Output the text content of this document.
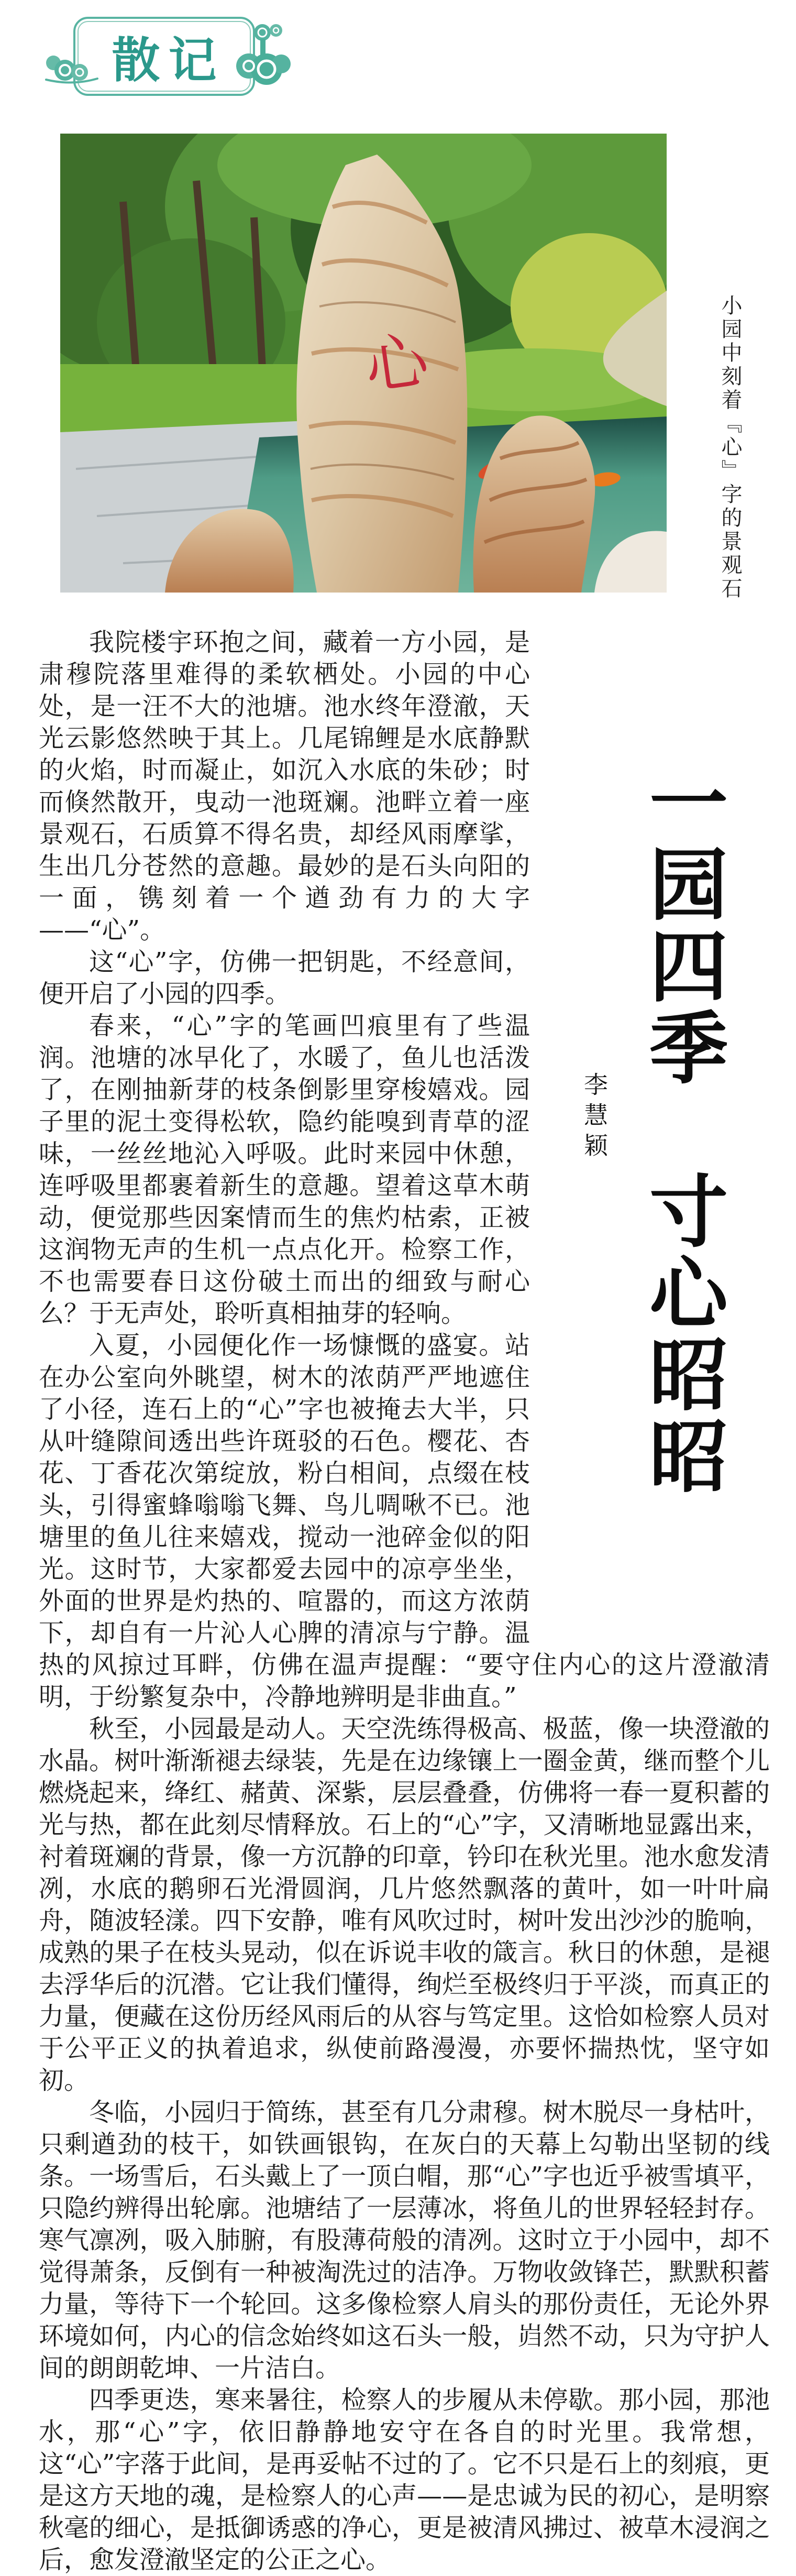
散记
心	小园中刻着『心』字的景观石
一园四季　寸心昭昭
李慧颖

我院楼宇环抱之间，藏着一方小园，是肃穆院落里难得的柔软栖处。小园的中心处，是一汪不大的池塘。池水终年澄澈，天光云影悠然映于其上。几尾锦鲤是水底静默的火焰，时而凝止，如沉入水底的朱砂；时而倏然散开，曳动一池斑斓。池畔立着一座景观石，石质算不得名贵，却经风雨摩挲，生出几分苍然的意趣。最妙的是石头向阳的一面，镌刻着一个遒劲有力的大字——“心”。

这“心”字，仿佛一把钥匙，不经意间，便开启了小园的四季。

春来，“心”字的笔画凹痕里有了些温润。池塘的冰早化了，水暖了，鱼儿也活泼了，在刚抽新芽的枝条倒影里穿梭嬉戏。园子里的泥土变得松软，隐约能嗅到青草的涩味，一丝丝地沁入呼吸。此时来园中休憩，连呼吸里都裹着新生的意趣。望着这草木萌动，便觉那些因案情而生的焦灼枯索，正被这润物无声的生机一点点化开。检察工作，不也需要春日这份破土而出的细致与耐心么？于无声处，聆听真相抽芽的轻响。

入夏，小园便化作一场慷慨的盛宴。站在办公室向外眺望，树木的浓荫严严地遮住了小径，连石上的“心”字也被掩去大半，只从叶缝隙间透出些许斑驳的石色。樱花、杏花、丁香花次第绽放，粉白相间，点缀在枝头，引得蜜蜂嗡嗡飞舞、鸟儿啁啾不已。池塘里的鱼儿往来嬉戏，搅动一池碎金似的阳光。这时节，大家都爱去园中的凉亭坐坐，外面的世界是灼热的、喧嚣的，而这方浓荫下，却自有一片沁人心脾的清凉与宁静。温热的风掠过耳畔，仿佛在温声提醒：“要守住内心的这片澄澈清明，于纷繁复杂中，冷静地辨明是非曲直。”

秋至，小园最是动人。天空洗练得极高、极蓝，像一块澄澈的水晶。树叶渐渐褪去绿装，先是在边缘镶上一圈金黄，继而整个儿燃烧起来，绛红、赭黄、深紫，层层叠叠，仿佛将一春一夏积蓄的光与热，都在此刻尽情释放。石上的“心”字，又清晰地显露出来，衬着斑斓的背景，像一方沉静的印章，钤印在秋光里。池水愈发清冽，水底的鹅卵石光滑圆润，几片悠然飘落的黄叶，如一叶叶扁舟，随波轻漾。四下安静，唯有风吹过时，树叶发出沙沙的脆响，成熟的果子在枝头晃动，似在诉说丰收的箴言。秋日的休憩，是褪去浮华后的沉潜。它让我们懂得，绚烂至极终归于平淡，而真正的力量，便藏在这份历经风雨后的从容与笃定里。这恰如检察人员对于公平正义的执着追求，纵使前路漫漫，亦要怀揣热忱，坚守如初。

冬临，小园归于简练，甚至有几分肃穆。树木脱尽一身枯叶，只剩遒劲的枝干，如铁画银钩，在灰白的天幕上勾勒出坚韧的线条。一场雪后，石头戴上了一顶白帽，那“心”字也近乎被雪填平，只隐约辨得出轮廓。池塘结了一层薄冰，将鱼儿的世界轻轻封存。寒气凛冽，吸入肺腑，有股薄荷般的清冽。这时立于小园中，却不觉得萧条，反倒有一种被淘洗过的洁净。万物收敛锋芒，默默积蓄力量，等待下一个轮回。这多像检察人肩头的那份责任，无论外界环境如何，内心的信念始终如这石头一般，岿然不动，只为守护人间的朗朗乾坤、一片洁白。

四季更迭，寒来暑往，检察人的步履从未停歇。那小园，那池水，那“心”字，依旧静静地安守在各自的时光里。我常想，这“心”字落于此间，是再妥帖不过的了。它不只是石上的刻痕，更是这方天地的魂，是检察人的心声——是忠诚为民的初心，是明察秋毫的细心，是抵御诱惑的净心，更是被清风拂过、被草木浸润之后，愈发澄澈坚定的公正之心。
